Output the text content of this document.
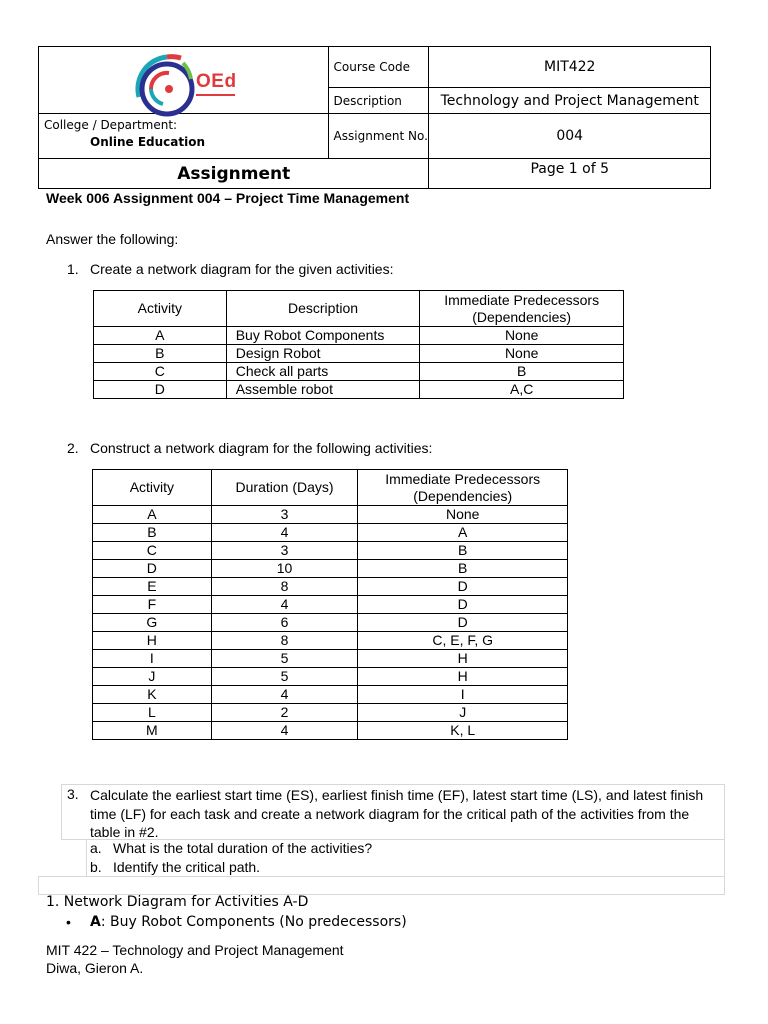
OEd	Course Code	MIT422
	Description	Technology and Project Management

College / Department:
Online Education	Assignment No.	004
Assignment		Page 1 of 5
Week 006 Assignment 004 – Project Time Management
Answer the following:
1. Create a network diagram for the given activities:
Activity	Description	Immediate Predecessors (Dependencies)
A	Buy Robot Components	None
B	Design Robot	None
C	Check all parts	B
D	Assemble robot	A,C
2. Construct a network diagram for the following activities:
Activity	Duration (Days)	Immediate Predecessors (Dependencies)
A	3	None
B	4	A
C	3	B
D	10	B
E	8	D
F	4	D
G	6	D
H	8	C, E, F, G
I	5	H
J	5	H
K	4	I
L	2	J
M	4	K, L
3. Calculate the earliest start time (ES), earliest finish time (EF), latest start time (LS), and latest finish time (LF) for each task and create a network diagram for the critical path of the activities from the table in #2.
a. What is the total duration of the activities?
b. Identify the critical path.
1. Network Diagram for Activities A-D
• A: Buy Robot Components (No predecessors)
MIT 422 – Technology and Project Management
Diwa, Gieron A.
